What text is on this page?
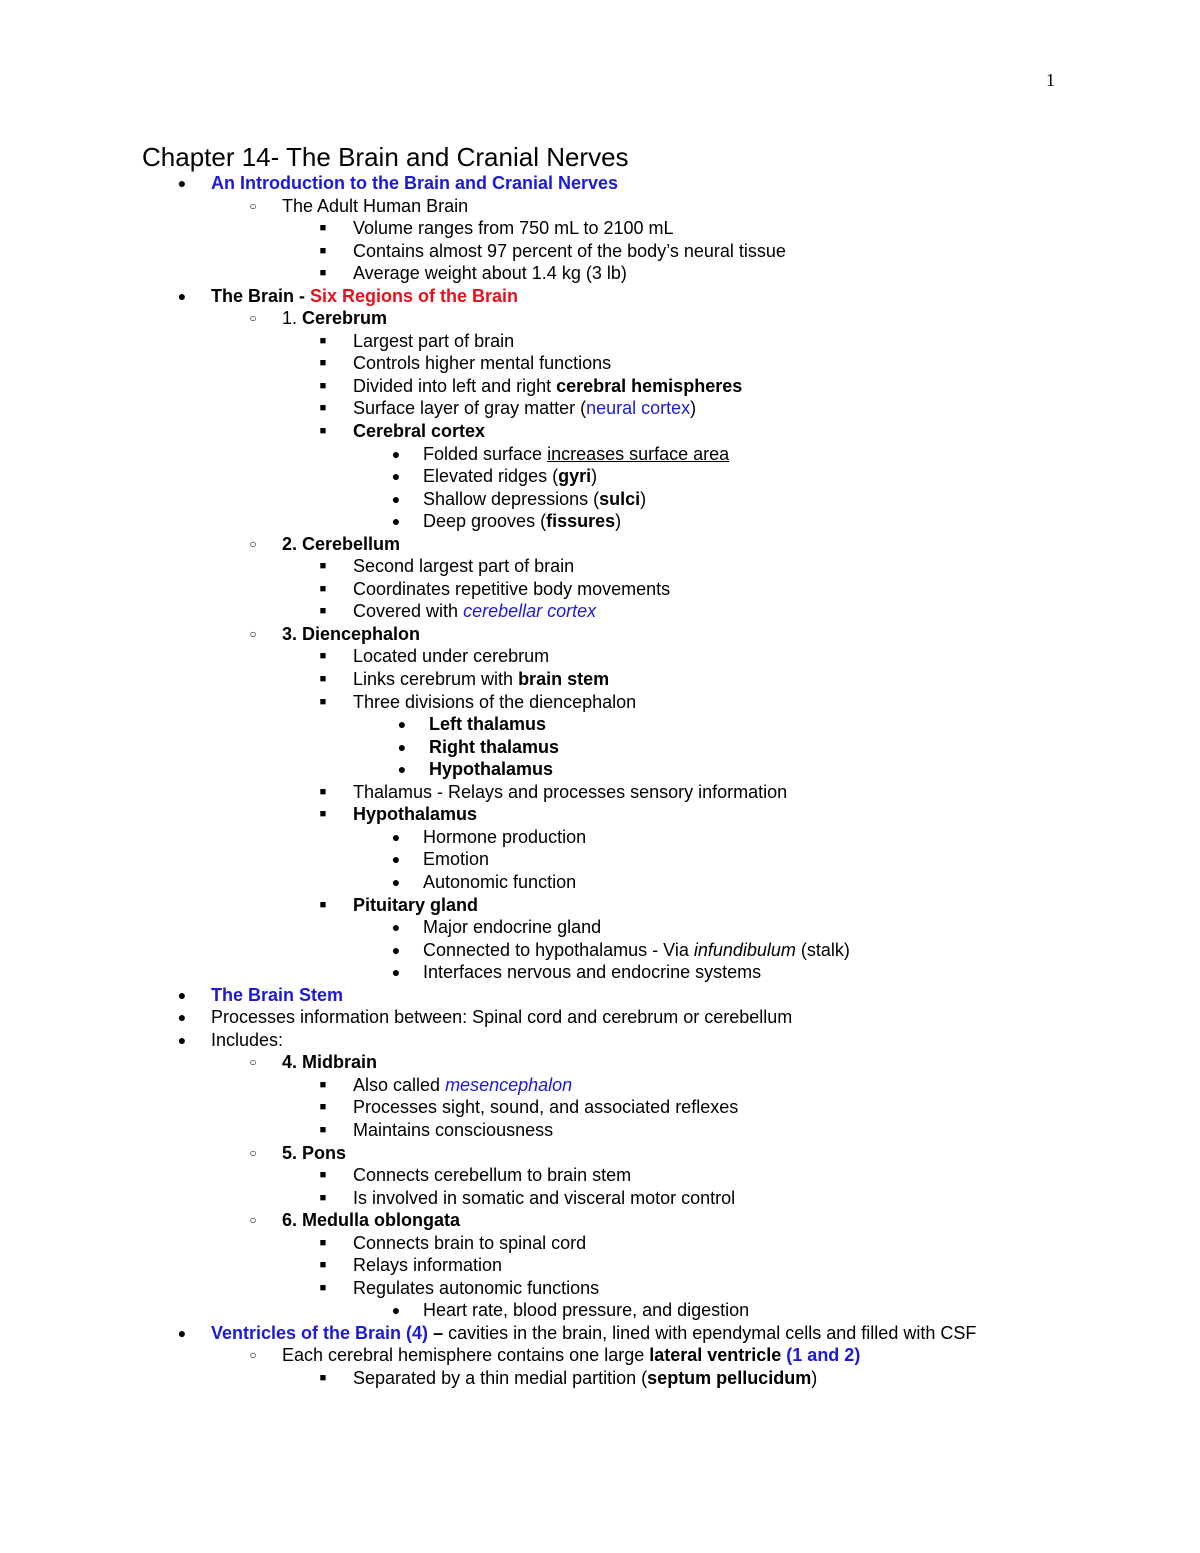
1
Chapter 14- The Brain and Cranial Nerves
● An Introduction to the Brain and Cranial Nerves
○ The Adult Human Brain
■ Volume ranges from 750 mL to 2100 mL
■ Contains almost 97 percent of the body’s neural tissue
■ Average weight about 1.4 kg (3 lb)
● The Brain - Six Regions of the Brain
○ 1. Cerebrum
■ Largest part of brain
■ Controls higher mental functions
■ Divided into left and right cerebral hemispheres
■ Surface layer of gray matter (neural cortex)
■ Cerebral cortex
● Folded surface increases surface area
● Elevated ridges (gyri)
● Shallow depressions (sulci)
● Deep grooves (fissures)
○ 2. Cerebellum
■ Second largest part of brain
■ Coordinates repetitive body movements
■ Covered with cerebellar cortex
○ 3. Diencephalon
■ Located under cerebrum
■ Links cerebrum with brain stem
■ Three divisions of the diencephalon
● Left thalamus
● Right thalamus
● Hypothalamus
■ Thalamus - Relays and processes sensory information
■ Hypothalamus
● Hormone production
● Emotion
● Autonomic function
■ Pituitary gland
● Major endocrine gland
● Connected to hypothalamus - Via infundibulum (stalk)
● Interfaces nervous and endocrine systems
● The Brain Stem
● Processes information between: Spinal cord and cerebrum or cerebellum
● Includes:
○ 4. Midbrain
■ Also called mesencephalon
■ Processes sight, sound, and associated reflexes
■ Maintains consciousness
○ 5. Pons
■ Connects cerebellum to brain stem
■ Is involved in somatic and visceral motor control
○ 6. Medulla oblongata
■ Connects brain to spinal cord
■ Relays information
■ Regulates autonomic functions
● Heart rate, blood pressure, and digestion
● Ventricles of the Brain (4) – cavities in the brain, lined with ependymal cells and filled with CSF
○ Each cerebral hemisphere contains one large lateral ventricle (1 and 2)
■ Separated by a thin medial partition (septum pellucidum)
